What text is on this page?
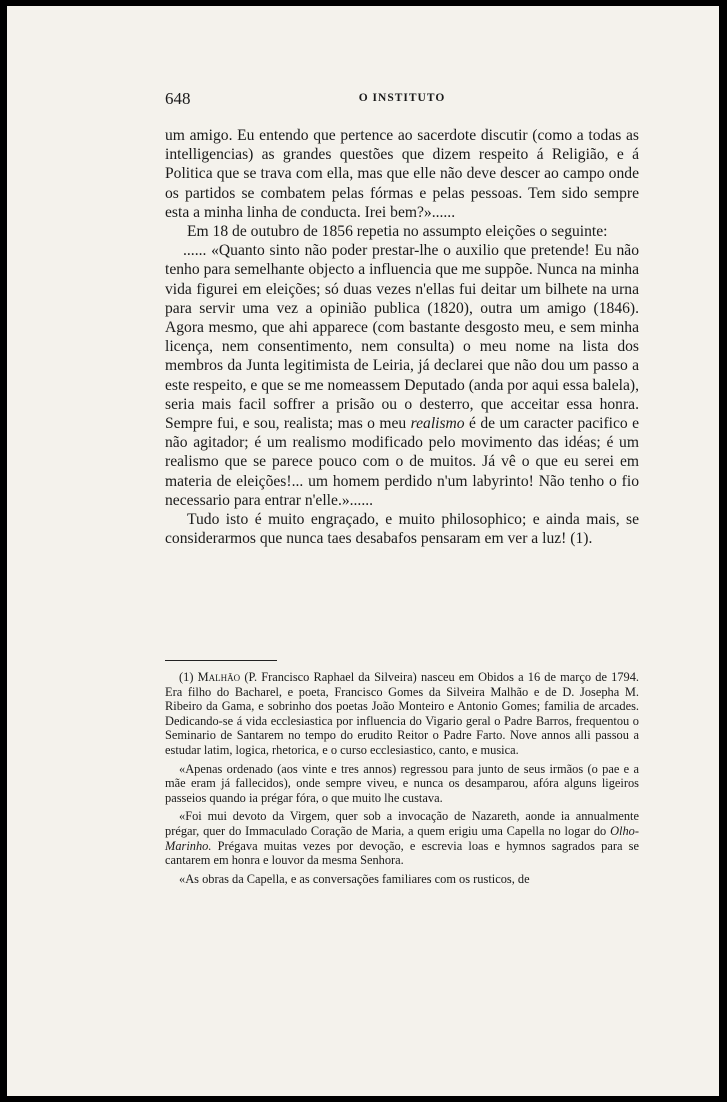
648	O INSTITUTO

um amigo. Eu entendo que pertence ao sacerdote discutir (como a todas as intelligencias) as grandes questões que dizem respeito á Religião, e á Politica que se trava com ella, mas que elle não deve descer ao campo onde os partidos se combatem pelas fórmas e pelas pessoas. Tem sido sempre esta a minha linha de conducta. Irei bem?»......

Em 18 de outubro de 1856 repetia no assumpto eleições o seguinte:

...... «Quanto sinto não poder prestar-lhe o auxilio que pretende! Eu não tenho para semelhante objecto a influencia que me suppõe. Nunca na minha vida figurei em eleições; só duas vezes n'ellas fui deitar um bilhete na urna para servir uma vez a opinião publica (1820), outra um amigo (1846). Agora mesmo, que ahi apparece (com bastante desgosto meu, e sem minha licença, nem consentimento, nem consulta) o meu nome na lista dos membros da Junta legitimista de Leiria, já declarei que não dou um passo a este respeito, e que se me nomeassem Deputado (anda por aqui essa balela), seria mais facil soffrer a prisão ou o desterro, que acceitar essa honra. Sempre fui, e sou, realista; mas o meu realismo é de um caracter pacifico e não agitador; é um realismo modificado pelo movimento das idéas; é um realismo que se parece pouco com o de muitos. Já vê o que eu serei em materia de eleições!... um homem perdido n'um labyrinto! Não tenho o fio necessario para entrar n'elle.»......

Tudo isto é muito engraçado, e muito philosophico; e ainda mais, se considerarmos que nunca taes desabafos pensaram em ver a luz! (1).

(1) Malhão (P. Francisco Raphael da Silveira) nasceu em Obidos a 16 de março de 1794. Era filho do Bacharel, e poeta, Francisco Gomes da Silveira Malhão e de D. Josepha M. Ribeiro da Gama, e sobrinho dos poetas João Monteiro e Antonio Gomes; familia de arcades. Dedicando-se á vida ecclesiastica por influencia do Vigario geral o Padre Barros, frequentou o Seminario de Santarem no tempo do erudito Reitor o Padre Farto. Nove annos alli passou a estudar latim, logica, rhetorica, e o curso ecclesiastico, canto, e musica.

«Apenas ordenado (aos vinte e tres annos) regressou para junto de seus irmãos (o pae e a mãe eram já fallecidos), onde sempre viveu, e nunca os desamparou, afóra alguns ligeiros passeios quando ia prégar fóra, o que muito lhe custava.

«Foi mui devoto da Virgem, quer sob a invocação de Nazareth, aonde ia annualmente prégar, quer do Immaculado Coração de Maria, a quem erigiu uma Capella no logar do Olho-Marinho. Prégava muitas vezes por devoção, e escrevia loas e hymnos sagrados para se cantarem em honra e louvor da mesma Senhora.

«As obras da Capella, e as conversações familiares com os rusticos, de
